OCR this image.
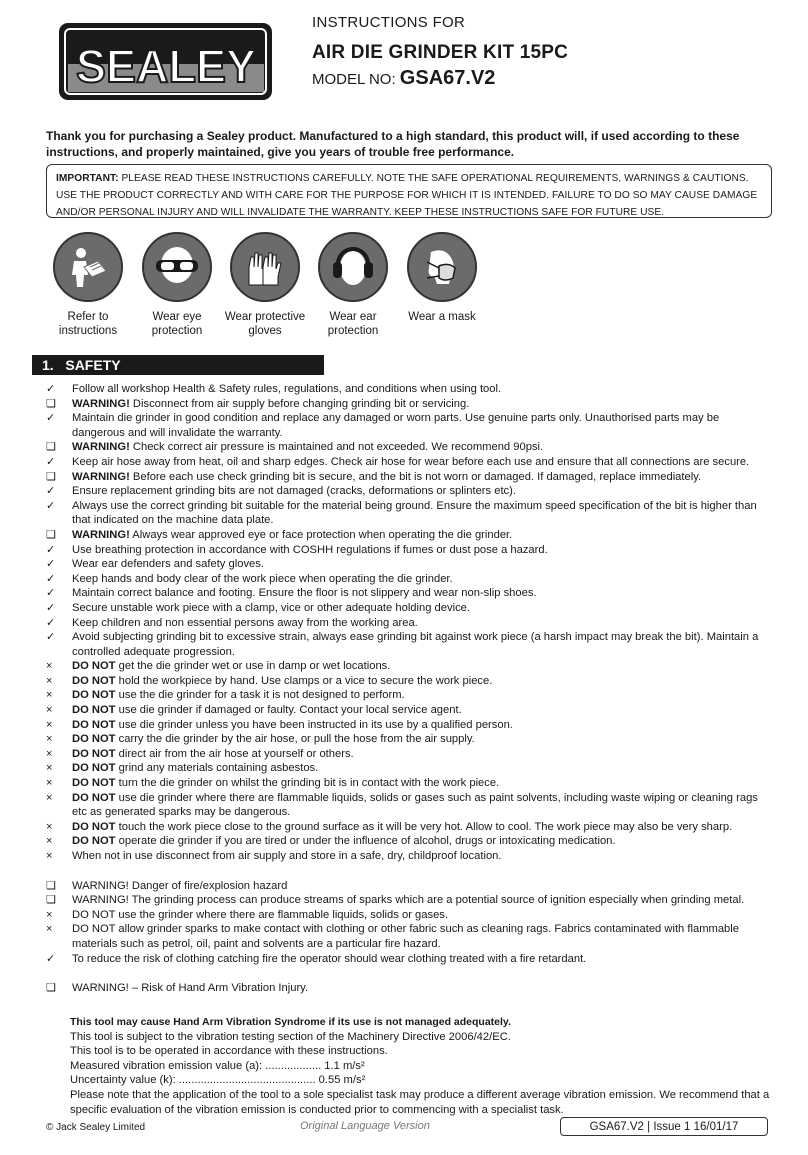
SEALEY
INSTRUCTIONS FOR
AIR DIE GRINDER KIT 15PC
MODEL NO: GSA67.V2
Thank you for purchasing a Sealey product. Manufactured to a high standard, this product will, if used according to these instructions, and properly maintained, give you years of trouble free performance.
IMPORTANT: PLEASE READ THESE INSTRUCTIONS CAREFULLY. NOTE THE SAFE OPERATIONAL REQUIREMENTS, WARNINGS & CAUTIONS. USE THE PRODUCT CORRECTLY AND WITH CARE FOR THE PURPOSE FOR WHICH IT IS INTENDED. FAILURE TO DO SO MAY CAUSE DAMAGE AND/OR PERSONAL INJURY AND WILL INVALIDATE THE WARRANTY. KEEP THESE INSTRUCTIONS SAFE FOR FUTURE USE.
Refer to instructions
Wear eye protection
Wear protective gloves
Wear ear protection
Wear a mask
1. SAFETY
✓	Follow all workshop Health & Safety rules, regulations, and conditions when using tool.
❑	WARNING! Disconnect from air supply before changing grinding bit or servicing.
✓	Maintain die grinder in good condition and replace any damaged or worn parts. Use genuine parts only. Unauthorised parts may be dangerous and will invalidate the warranty.
❑	WARNING! Check correct air pressure is maintained and not exceeded. We recommend 90psi.
✓	Keep air hose away from heat, oil and sharp edges. Check air hose for wear before each use and ensure that all connections are secure.
❑	WARNING! Before each use check grinding bit is secure, and the bit is not worn or damaged. If damaged, replace immediately.
✓	Ensure replacement grinding bits are not damaged (cracks, deformations or splinters etc).
✓	Always use the correct grinding bit suitable for the material being ground. Ensure the maximum speed specification of the bit is higher than that indicated on the machine data plate.
❑	WARNING! Always wear approved eye or face protection when operating the die grinder.
✓	Use breathing protection in accordance with COSHH regulations if fumes or dust pose a hazard.
✓	Wear ear defenders and safety gloves.
✓	Keep hands and body clear of the work piece when operating the die grinder.
✓	Maintain correct balance and footing. Ensure the floor is not slippery and wear non-slip shoes.
✓	Secure unstable work piece with a clamp, vice or other adequate holding device.
✓	Keep children and non essential persons away from the working area.
✓	Avoid subjecting grinding bit to excessive strain, always ease grinding bit against work piece (a harsh impact may break the bit). Maintain a controlled adequate progression.
×	DO NOT get the die grinder wet or use in damp or wet locations.
×	DO NOT hold the workpiece by hand. Use clamps or a vice to secure the work piece.
×	DO NOT use the die grinder for a task it is not designed to perform.
×	DO NOT use die grinder if damaged or faulty. Contact your local service agent.
×	DO NOT use die grinder unless you have been instructed in its use by a qualified person.
×	DO NOT carry the die grinder by the air hose, or pull the hose from the air supply.
×	DO NOT direct air from the air hose at yourself or others.
×	DO NOT grind any materials containing asbestos.
×	DO NOT turn the die grinder on whilst the grinding bit is in contact with the work piece.
×	DO NOT use die grinder where there are flammable liquids, solids or gases such as paint solvents, including waste wiping or cleaning rags etc as generated sparks may be dangerous.
×	DO NOT touch the work piece close to the ground surface as it will be very hot. Allow to cool. The work piece may also be very sharp.
×	DO NOT operate die grinder if you are tired or under the influence of alcohol, drugs or intoxicating medication.
×	When not in use disconnect from air supply and store in a safe, dry, childproof location.
❑	WARNING! Danger of fire/explosion hazard
❑	WARNING! The grinding process can produce streams of sparks which are a potential source of ignition especially when grinding metal.
×	DO NOT use the grinder where there are flammable liquids, solids or gases.
×	DO NOT allow grinder sparks to make contact with clothing or other fabric such as cleaning rags. Fabrics contaminated with flammable materials such as petrol, oil, paint and solvents are a particular fire hazard.
✓	To reduce the risk of clothing catching fire the operator should wear clothing treated with a fire retardant.
❑	WARNING! – Risk of Hand Arm Vibration Injury.
This tool may cause Hand Arm Vibration Syndrome if its use is not managed adequately.
This tool is subject to the vibration testing section of the Machinery Directive 2006/42/EC.
This tool is to be operated in accordance with these instructions.
Measured vibration emission value (a): .................. 1.1 m/s²
Uncertainty value (k): ............................................ 0.55 m/s²
Please note that the application of the tool to a sole specialist task may produce a different average vibration emission. We recommend that a specific evaluation of the vibration emission is conducted prior to commencing with a specialist task.
© Jack Sealey Limited	Original Language Version	GSA67.V2 | Issue 1 16/01/17
